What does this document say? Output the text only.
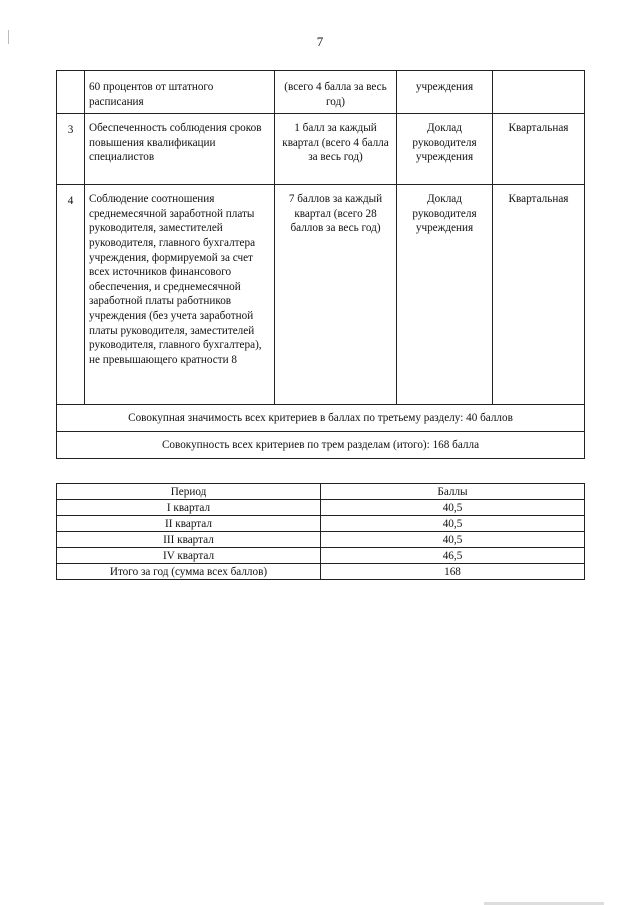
7
	60 процентов от штатного расписания	(всего 4 балла за весь год)	учреждения	
3	Обеспеченность соблюдения сроков повышения квалификации специалистов	1 балл за каждый квартал (всего 4 балла за весь год)	Доклад руководителя учреждения	Квартальная
4	Соблюдение соотношения среднемесячной заработной платы руководителя, заместителей руководителя, главного бухгалтера учреждения, формируемой за счет всех источников финансового обеспечения, и среднемесячной заработной платы работников учреждения (без учета заработной платы руководителя, заместителей руководителя, главного бухгалтера), не превышающего кратности 8	7 баллов за каждый квартал (всего 28 баллов за весь год)	Доклад руководителя учреждения	Квартальная
Совокупная значимость всех критериев в баллах по третьему разделу: 40 баллов				
Совокупность всех критериев по трем разделам (итого): 168 балла				
Период	Баллы
I квартал	40,5
II квартал	40,5
III квартал	40,5
IV квартал	46,5
Итого за год (сумма всех баллов)	168
